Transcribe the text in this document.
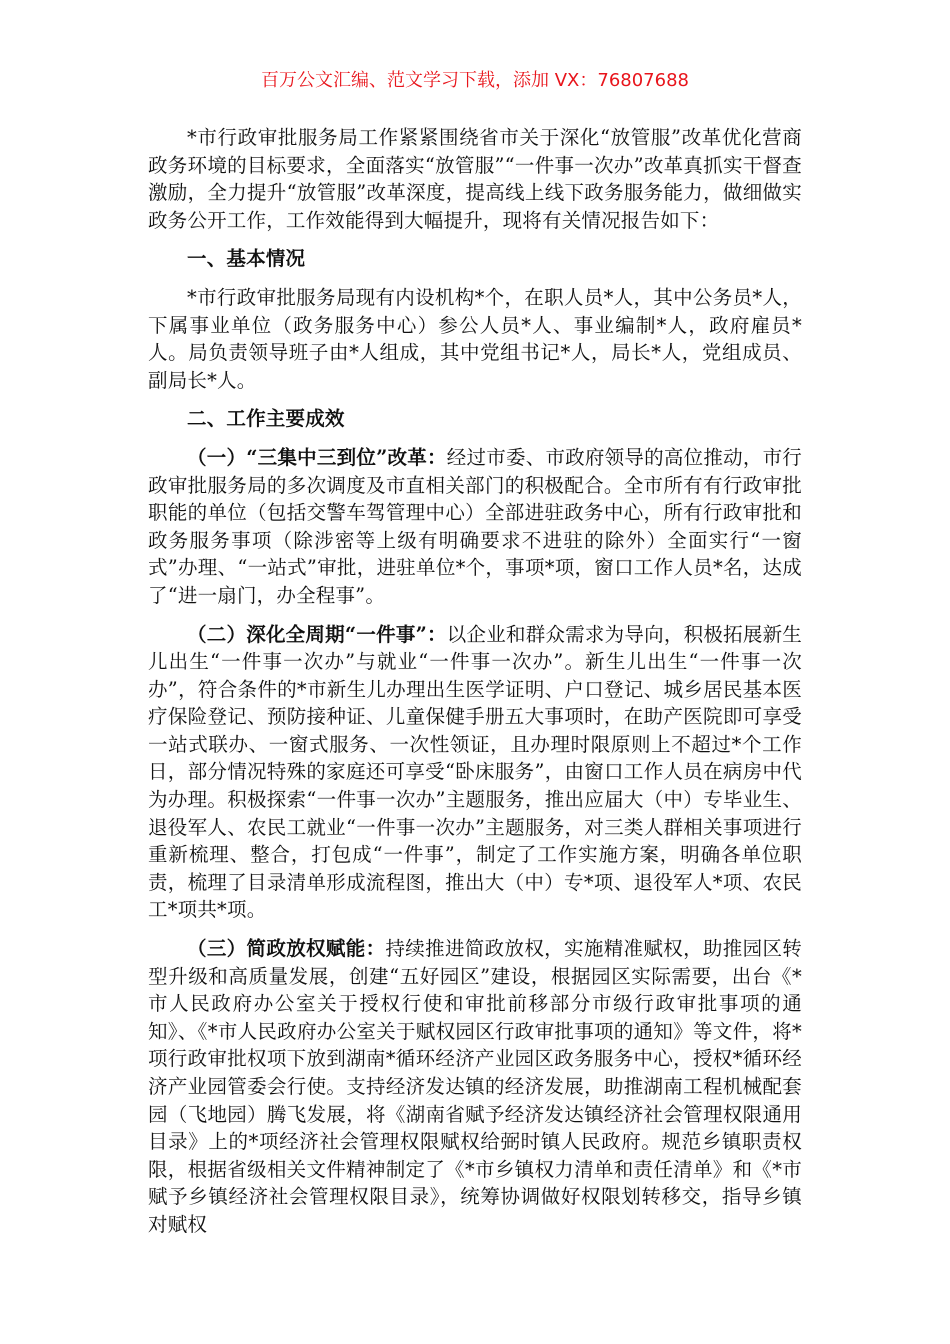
百万公文汇编、范文学习下载，添加 VX：76807688

*市行政审批服务局工作紧紧围绕省市关于深化“放管服”改革优化营商政务环境的目标要求，全面落实“放管服”“一件事一次办”改革真抓实干督查激励，全力提升“放管服”改革深度，提高线上线下政务服务能力，做细做实政务公开工作，工作效能得到大幅提升，现将有关情况报告如下：

一、基本情况

*市行政审批服务局现有内设机构*个，在职人员*人，其中公务员*人，下属事业单位（政务服务中心）参公人员*人、事业编制*人，政府雇员*人。局负责领导班子由*人组成，其中党组书记*人，局长*人，党组成员、副局长*人。

二、工作主要成效

（一）“三集中三到位”改革：经过市委、市政府领导的高位推动，市行政审批服务局的多次调度及市直相关部门的积极配合。全市所有有行政审批职能的单位（包括交警车驾管理中心）全部进驻政务中心，所有行政审批和政务服务事项（除涉密等上级有明确要求不进驻的除外）全面实行“一窗式”办理、“一站式”审批，进驻单位*个，事项*项，窗口工作人员*名，达成了“进一扇门，办全程事”。

（二）深化全周期“一件事”：以企业和群众需求为导向，积极拓展新生儿出生“一件事一次办”与就业“一件事一次办”。新生儿出生“一件事一次办”，符合条件的*市新生儿办理出生医学证明、户口登记、城乡居民基本医疗保险登记、预防接种证、儿童保健手册五大事项时，在助产医院即可享受一站式联办、一窗式服务、一次性领证，且办理时限原则上不超过*个工作日，部分情况特殊的家庭还可享受“卧床服务”，由窗口工作人员在病房中代为办理。积极探索“一件事一次办”主题服务，推出应届大（中）专毕业生、退役军人、农民工就业“一件事一次办”主题服务，对三类人群相关事项进行重新梳理、整合，打包成“一件事”，制定了工作实施方案，明确各单位职责，梳理了目录清单形成流程图，推出大（中）专*项、退役军人*项、农民工*项共*项。

（三）简政放权赋能：持续推进简政放权，实施精准赋权，助推园区转型升级和高质量发展，创建“五好园区”建设，根据园区实际需要，出台《*市人民政府办公室关于授权行使和审批前移部分市级行政审批事项的通知》、《*市人民政府办公室关于赋权园区行政审批事项的通知》等文件，将*项行政审批权项下放到湖南*循环经济产业园区政务服务中心，授权*循环经济产业园管委会行使。支持经济发达镇的经济发展，助推湖南工程机械配套园（飞地园）腾飞发展，将《湖南省赋予经济发达镇经济社会管理权限通用目录》上的*项经济社会管理权限赋权给弼时镇人民政府。规范乡镇职责权限，根据省级相关文件精神制定了《*市乡镇权力清单和责任清单》和《*市赋予乡镇经济社会管理权限目录》，统筹协调做好权限划转移交，指导乡镇对赋权
